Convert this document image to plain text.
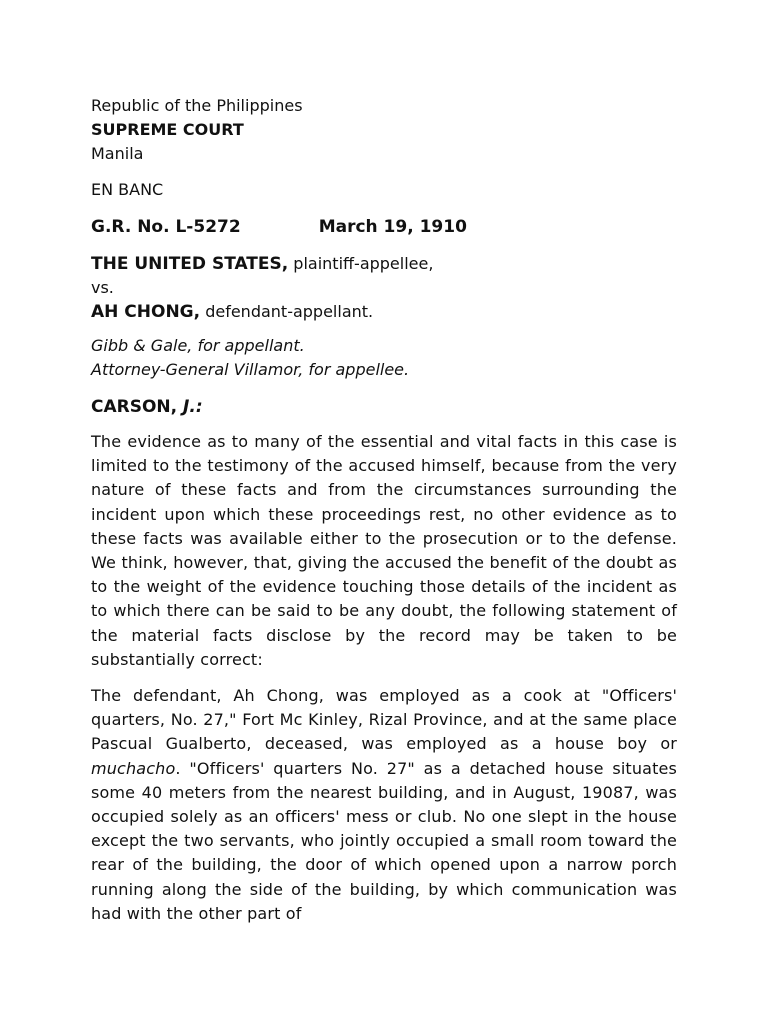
Republic of the Philippines

SUPREME COURT

Manila

EN BANC

G.R. No. L-5272	March 19, 1910

THE UNITED STATES, plaintiff-appellee,
vs.
AH CHONG, defendant-appellant.
Gibb & Gale, for appellant.
Attorney-General Villamor, for appellee.

CARSON, J.:

The evidence as to many of the essential and vital facts in this case is limited to the testimony of the accused himself, because from the very nature of these facts and from the circumstances surrounding the incident upon which these proceedings rest, no other evidence as to these facts was available either to the prosecution or to the defense. We think, however, that, giving the accused the benefit of the doubt as to the weight of the evidence touching those details of the incident as to which there can be said to be any doubt, the following statement of the material facts disclose by the record may be taken to be substantially correct:

The defendant, Ah Chong, was employed as a cook at "Officers' quarters, No. 27," Fort Mc Kinley, Rizal Province, and at the same place Pascual Gualberto, deceased, was employed as a house boy or muchacho. "Officers' quarters No. 27" as a detached house situates some 40 meters from the nearest building, and in August, 19087, was occupied solely as an officers' mess or club. No one slept in the house except the two servants, who jointly occupied a small room toward the rear of the building, the door of which opened upon a narrow porch running along the side of the building, by which communication was had with the other part of
